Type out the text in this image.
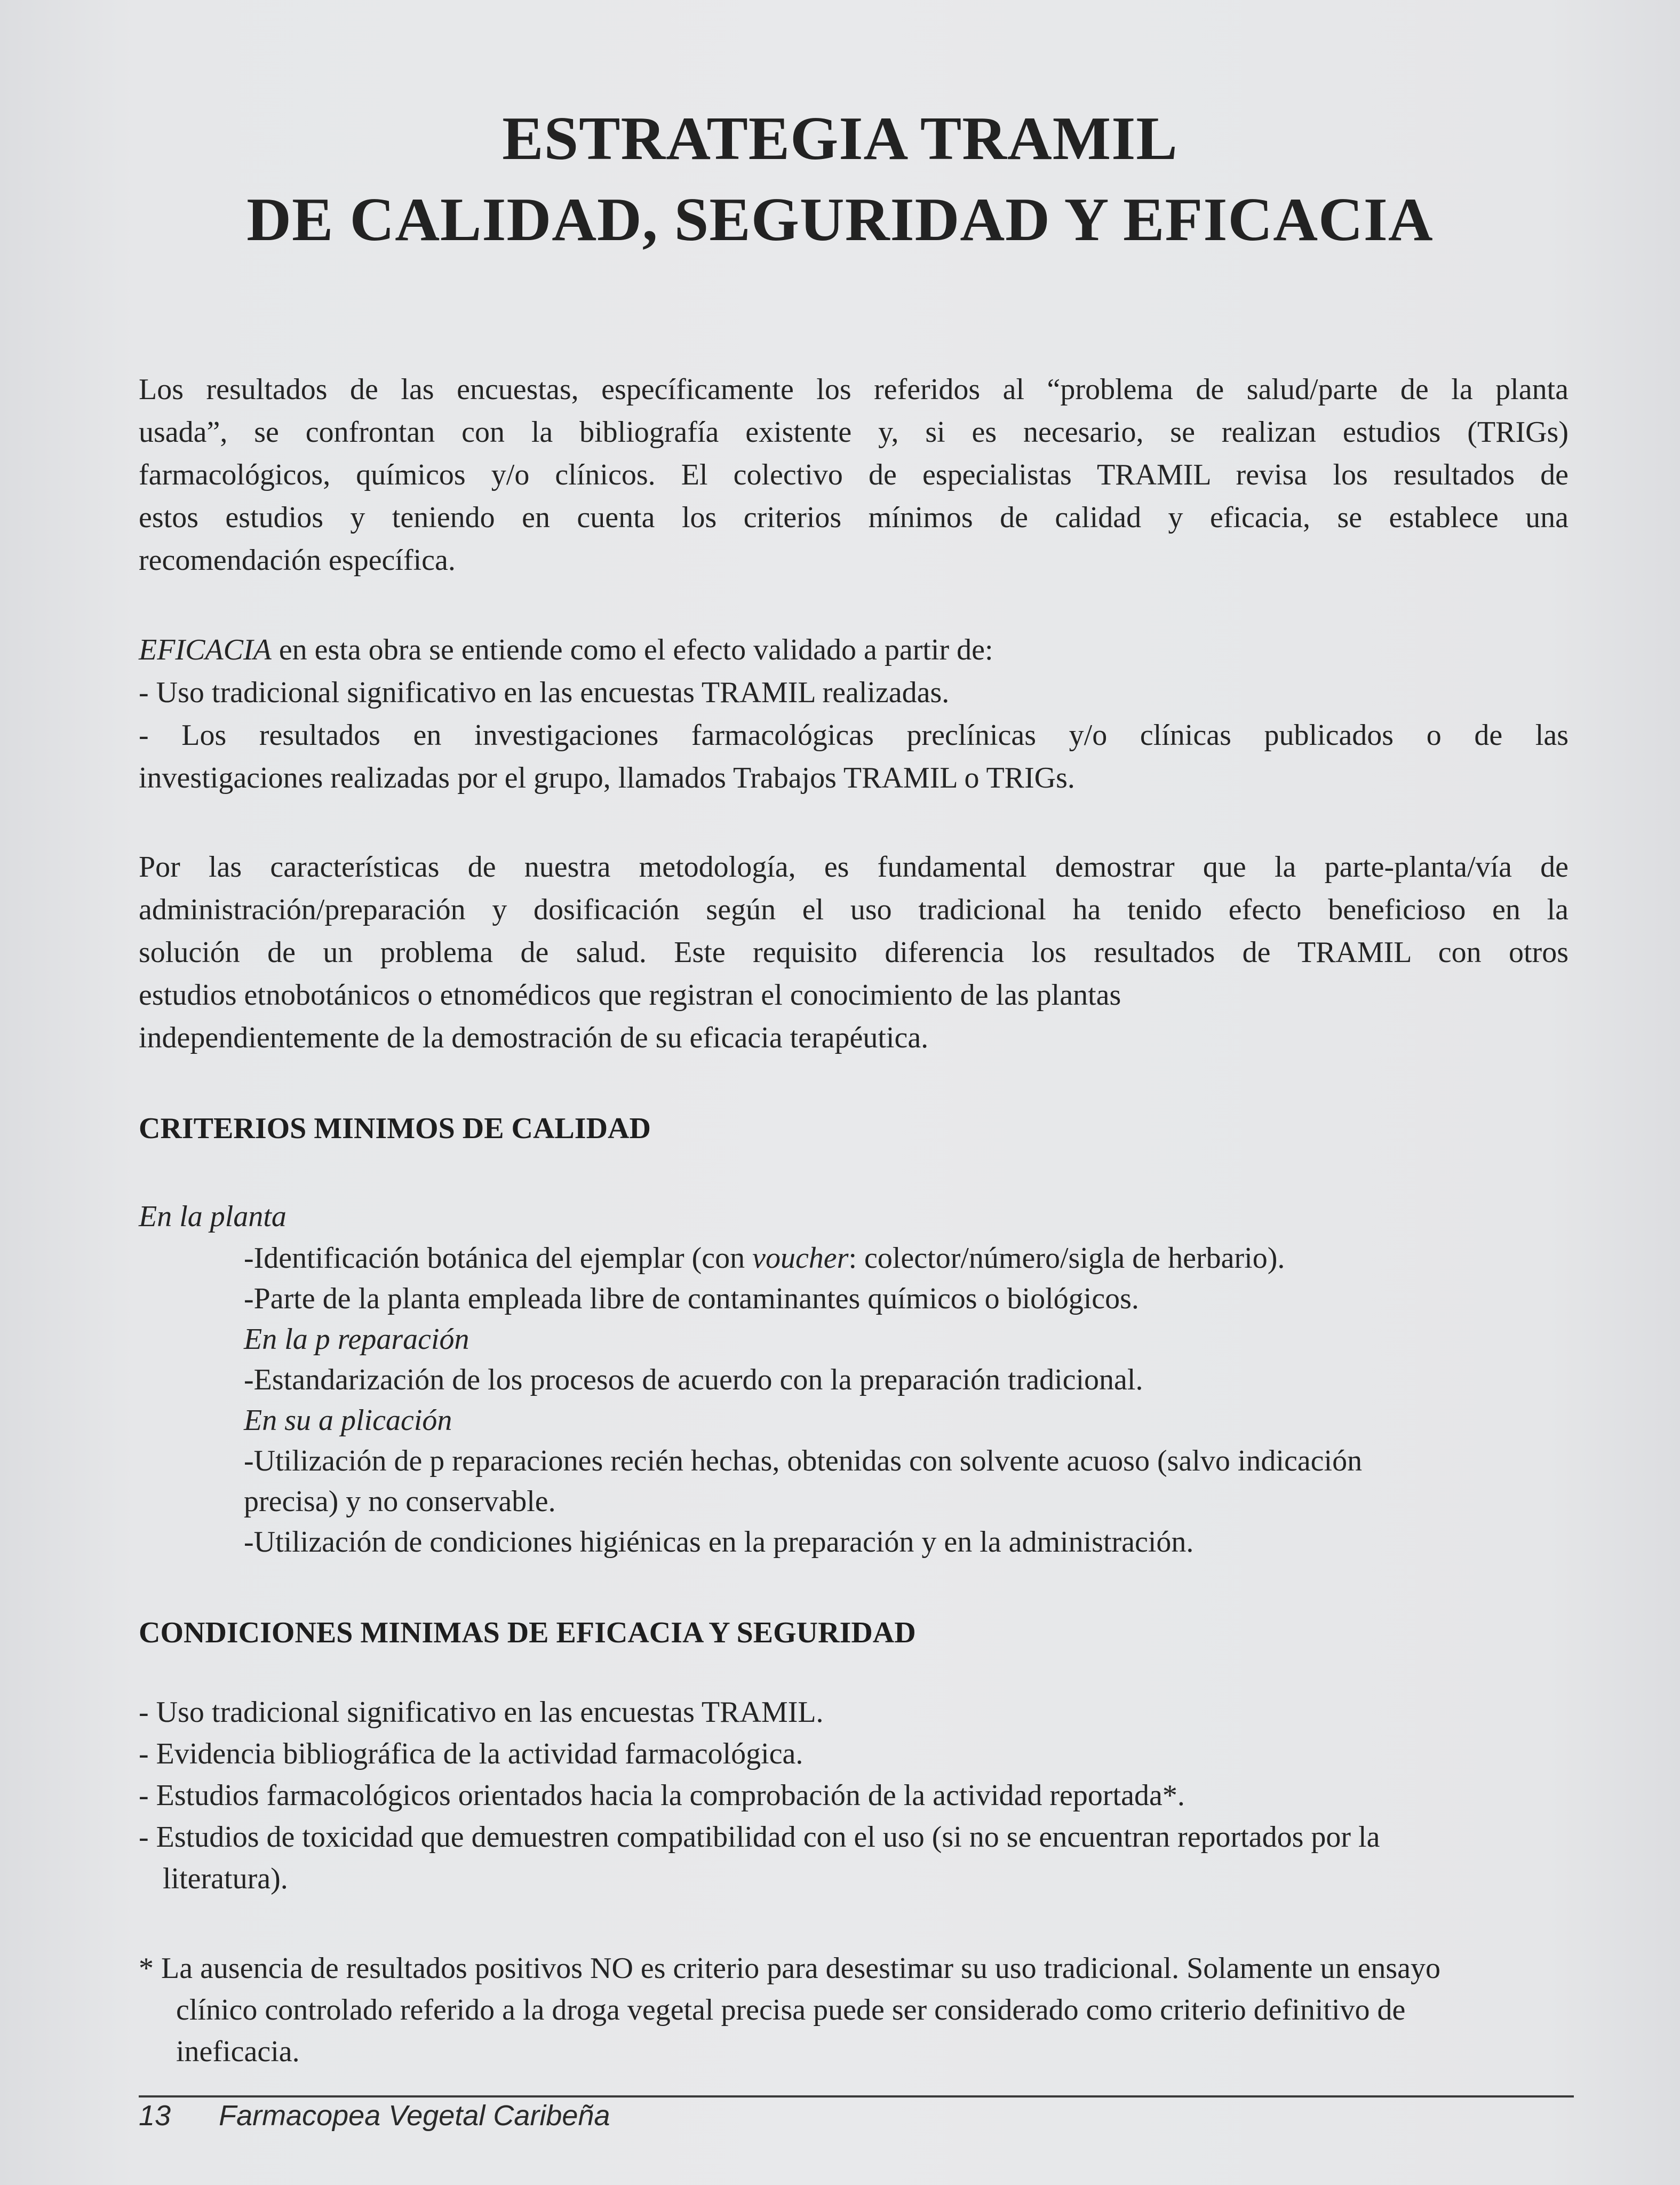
ESTRATEGIA TRAMIL
DE CALIDAD, SEGURIDAD Y EFICACIA

Los resultados de las encuestas, específicamente los referidos al “problema de salud/parte de la planta
usada”, se confrontan con la bibliografía existente y, si es necesario, se realizan estudios (TRIGs)
farmacológicos, químicos y/o clínicos. El colectivo de especialistas TRAMIL revisa los resultados de
estos estudios y teniendo en cuenta los criterios mínimos de calidad y eficacia, se establece una
recomendación específica.

EFICACIA en esta obra se entiende como el efecto validado a partir de:
- Uso tradicional significativo en las encuestas TRAMIL realizadas.
- Los resultados en investigaciones farmacológicas preclínicas y/o clínicas publicados o de las
investigaciones realizadas por el grupo, llamados Trabajos TRAMIL o TRIGs.

Por las características de nuestra metodología, es fundamental demostrar que la parte-planta/vía de
administración/preparación y dosificación según el uso tradicional ha tenido efecto beneficioso en la
solución de un problema de salud. Este requisito diferencia los resultados de TRAMIL con otros
estudios etnobotánicos o etnomédicos que registran el conocimiento de las plantas
independientemente de la demostración de su eficacia terapéutica.

CRITERIOS MINIMOS DE CALIDAD
En la planta
-Identificación botánica del ejemplar (con voucher: colector/número/sigla de herbario).
-Parte de la planta empleada libre de contaminantes químicos o biológicos.
En la p reparación
-Estandarización de los procesos de acuerdo con la preparación tradicional.
En su a plicación
-Utilización de p reparaciones recién hechas, obtenidas con solvente acuoso (salvo indicación
precisa) y no conservable.
-Utilización de condiciones higiénicas en la preparación y en la administración.
CONDICIONES MINIMAS DE EFICACIA Y SEGURIDAD
- Uso tradicional significativo en las encuestas TRAMIL.
- Evidencia bibliográfica de la actividad farmacológica.
- Estudios farmacológicos orientados hacia la comprobación de la actividad reportada*.
- Estudios de toxicidad que demuestren compatibilidad con el uso (si no se encuentran reportados por la
literatura).
* La ausencia de resultados positivos NO es criterio para desestimar su uso tradicional. Solamente un ensayo
clínico controlado referido a la droga vegetal precisa puede ser considerado como criterio definitivo de
ineficacia.
13 Farmacopea Vegetal Caribeña
